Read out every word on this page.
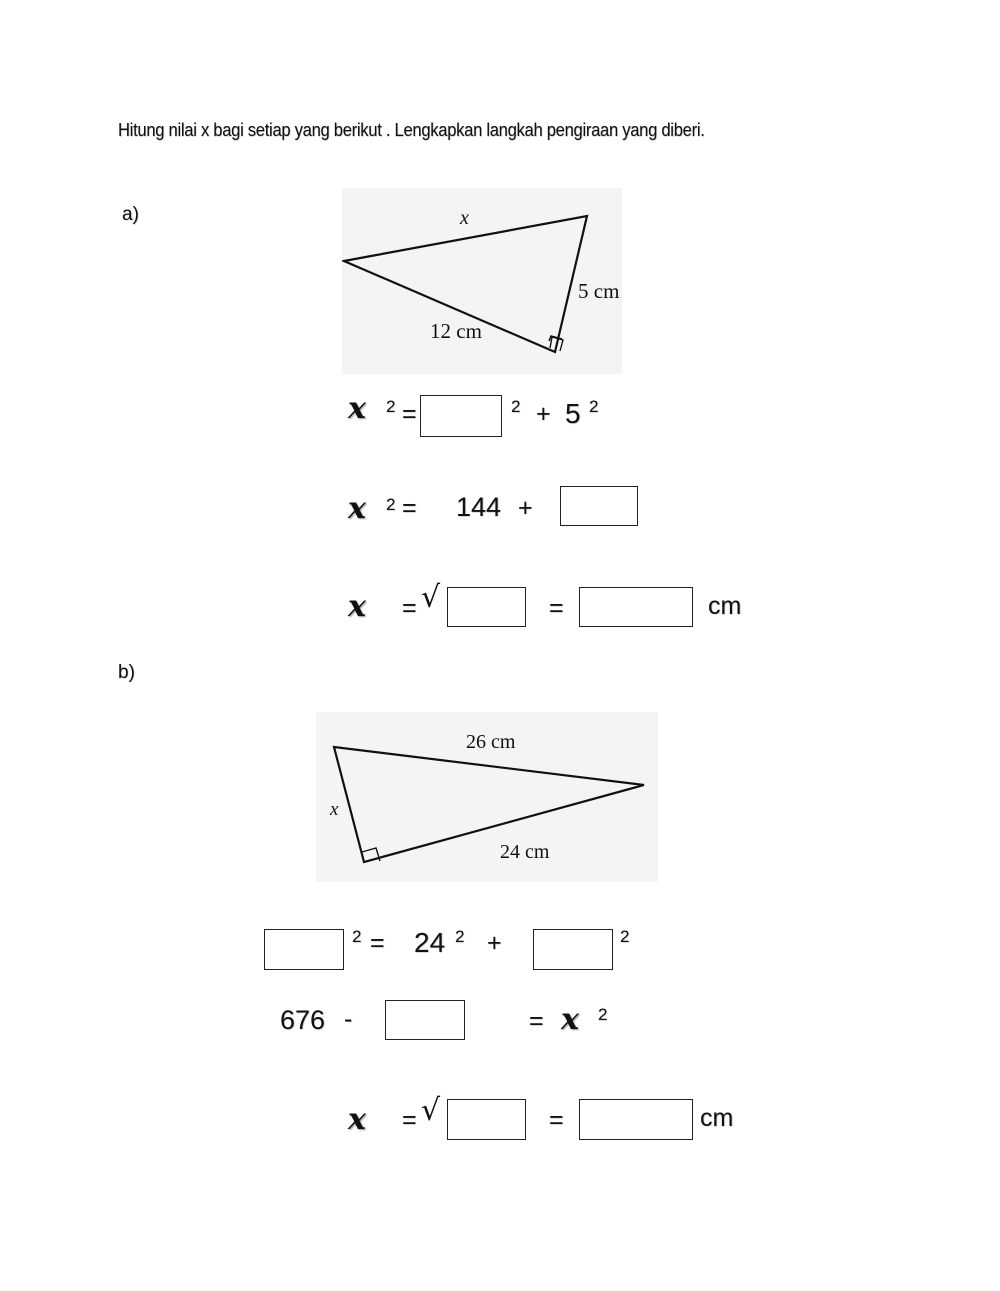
Hitung nilai x bagi setiap yang berikut . Lengkapkan langkah pengiraan yang diberi.
a)	x
5 cm
12 cm
x 2 =	2 + 5 2
x 2 = 144 +
x = √	=	cm
b)
26 cm
x
24 cm
2 = 24 2 +	2
676 -	= x 2
x = √	=	cm
